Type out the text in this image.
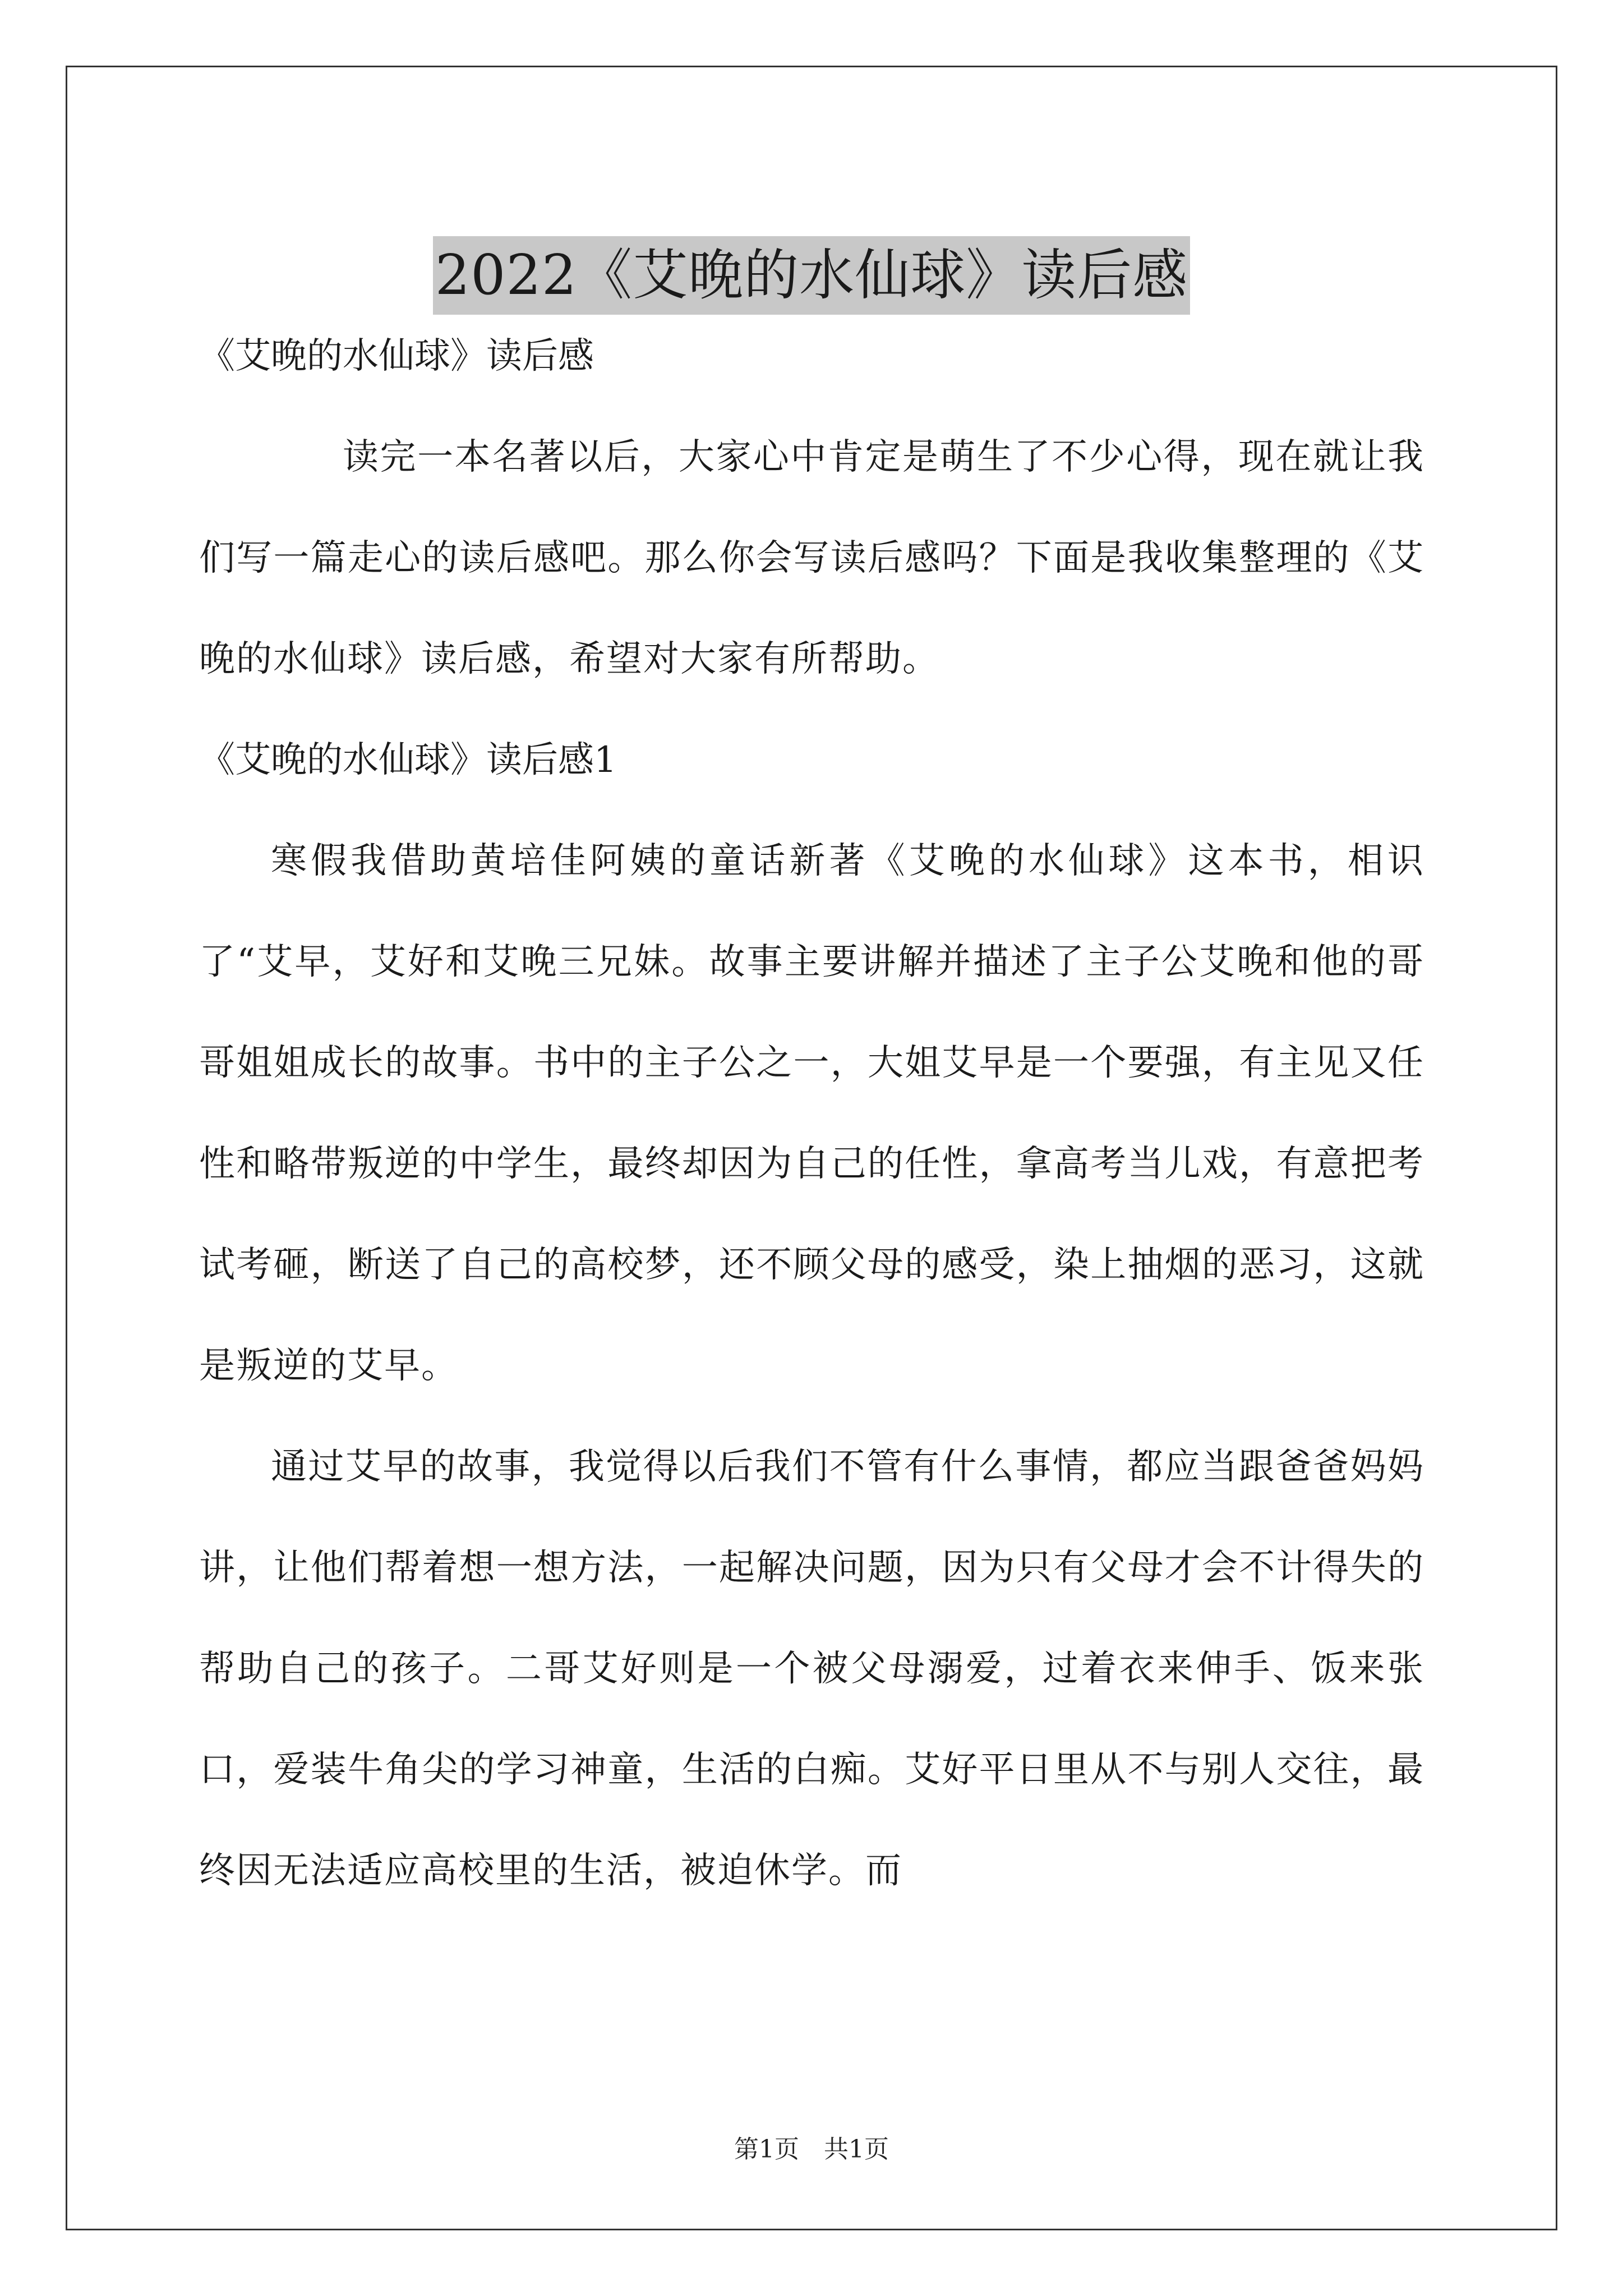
2022《艾晚的水仙球》读后感
《艾晚的水仙球》读后感

读完一本名著以后，大家心中肯定是萌生了不少心得，现在就让我们写一篇走心的读后感吧。那么你会写读后感吗？下面是我收集整理的《艾晚的水仙球》读后感，希望对大家有所帮助。

《艾晚的水仙球》读后感1

寒假我借助黄培佳阿姨的童话新著《艾晚的水仙球》这本书，相识了“艾早，艾好和艾晚三兄妹。故事主要讲解并描述了主子公艾晚和他的哥哥姐姐成长的故事。书中的主子公之一，大姐艾早是一个要强，有主见又任性和略带叛逆的中学生，最终却因为自己的任性，拿高考当儿戏，有意把考试考砸，断送了自己的高校梦，还不顾父母的感受，染上抽烟的恶习，这就是叛逆的艾早。

通过艾早的故事，我觉得以后我们不管有什么事情，都应当跟爸爸妈妈讲，让他们帮着想一想方法，一起解决问题，因为只有父母才会不计得失的帮助自己的孩子。二哥艾好则是一个被父母溺爱，过着衣来伸手、饭来张口，爱装牛角尖的学习神童，生活的白痴。艾好平日里从不与别人交往，最终因无法适应高校里的生活，被迫休学。而

第1页　共1页
